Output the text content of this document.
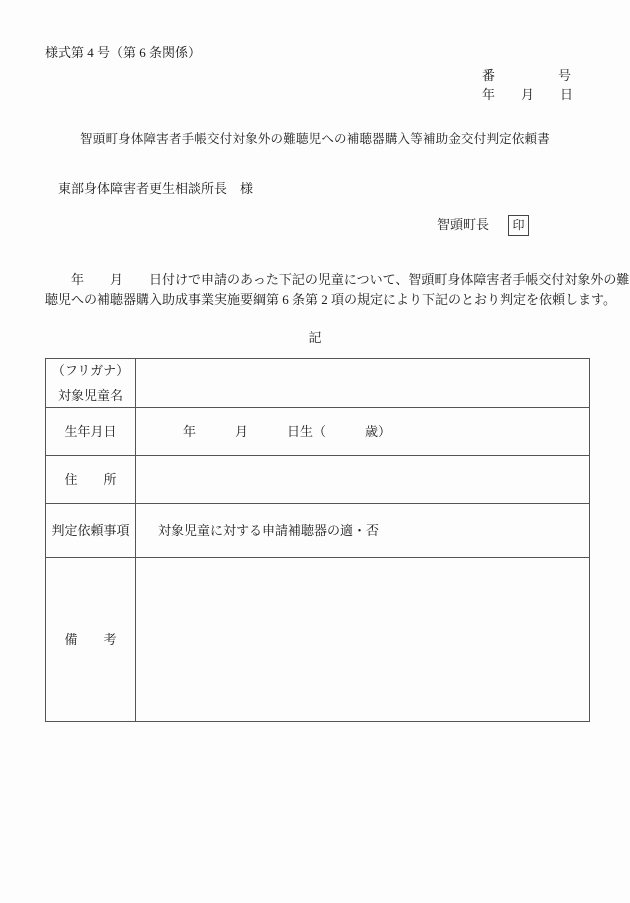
様式第 4 号（第 6 条関係）
番	号
年　　月　　日
智頭町身体障害者手帳交付対象外の難聴児への補聴器購入等補助金交付判定依頼書
東部身体障害者更生相談所長　様
智頭町長 印
　　年　　月　　日付けで申請のあった下記の児童について、智頭町身体障害者手帳交付対象外の難
聴児への補聴器購入助成事業実施要綱第 6 条第 2 項の規定により下記のとおり判定を依頼します。
記
（フリガナ）
対象児童名
生年月日	年　　　月　　　日生（　　　歳）
住　　所
判定依頼事項 対象児童に対する申請補聴器の適・否
備　　考
